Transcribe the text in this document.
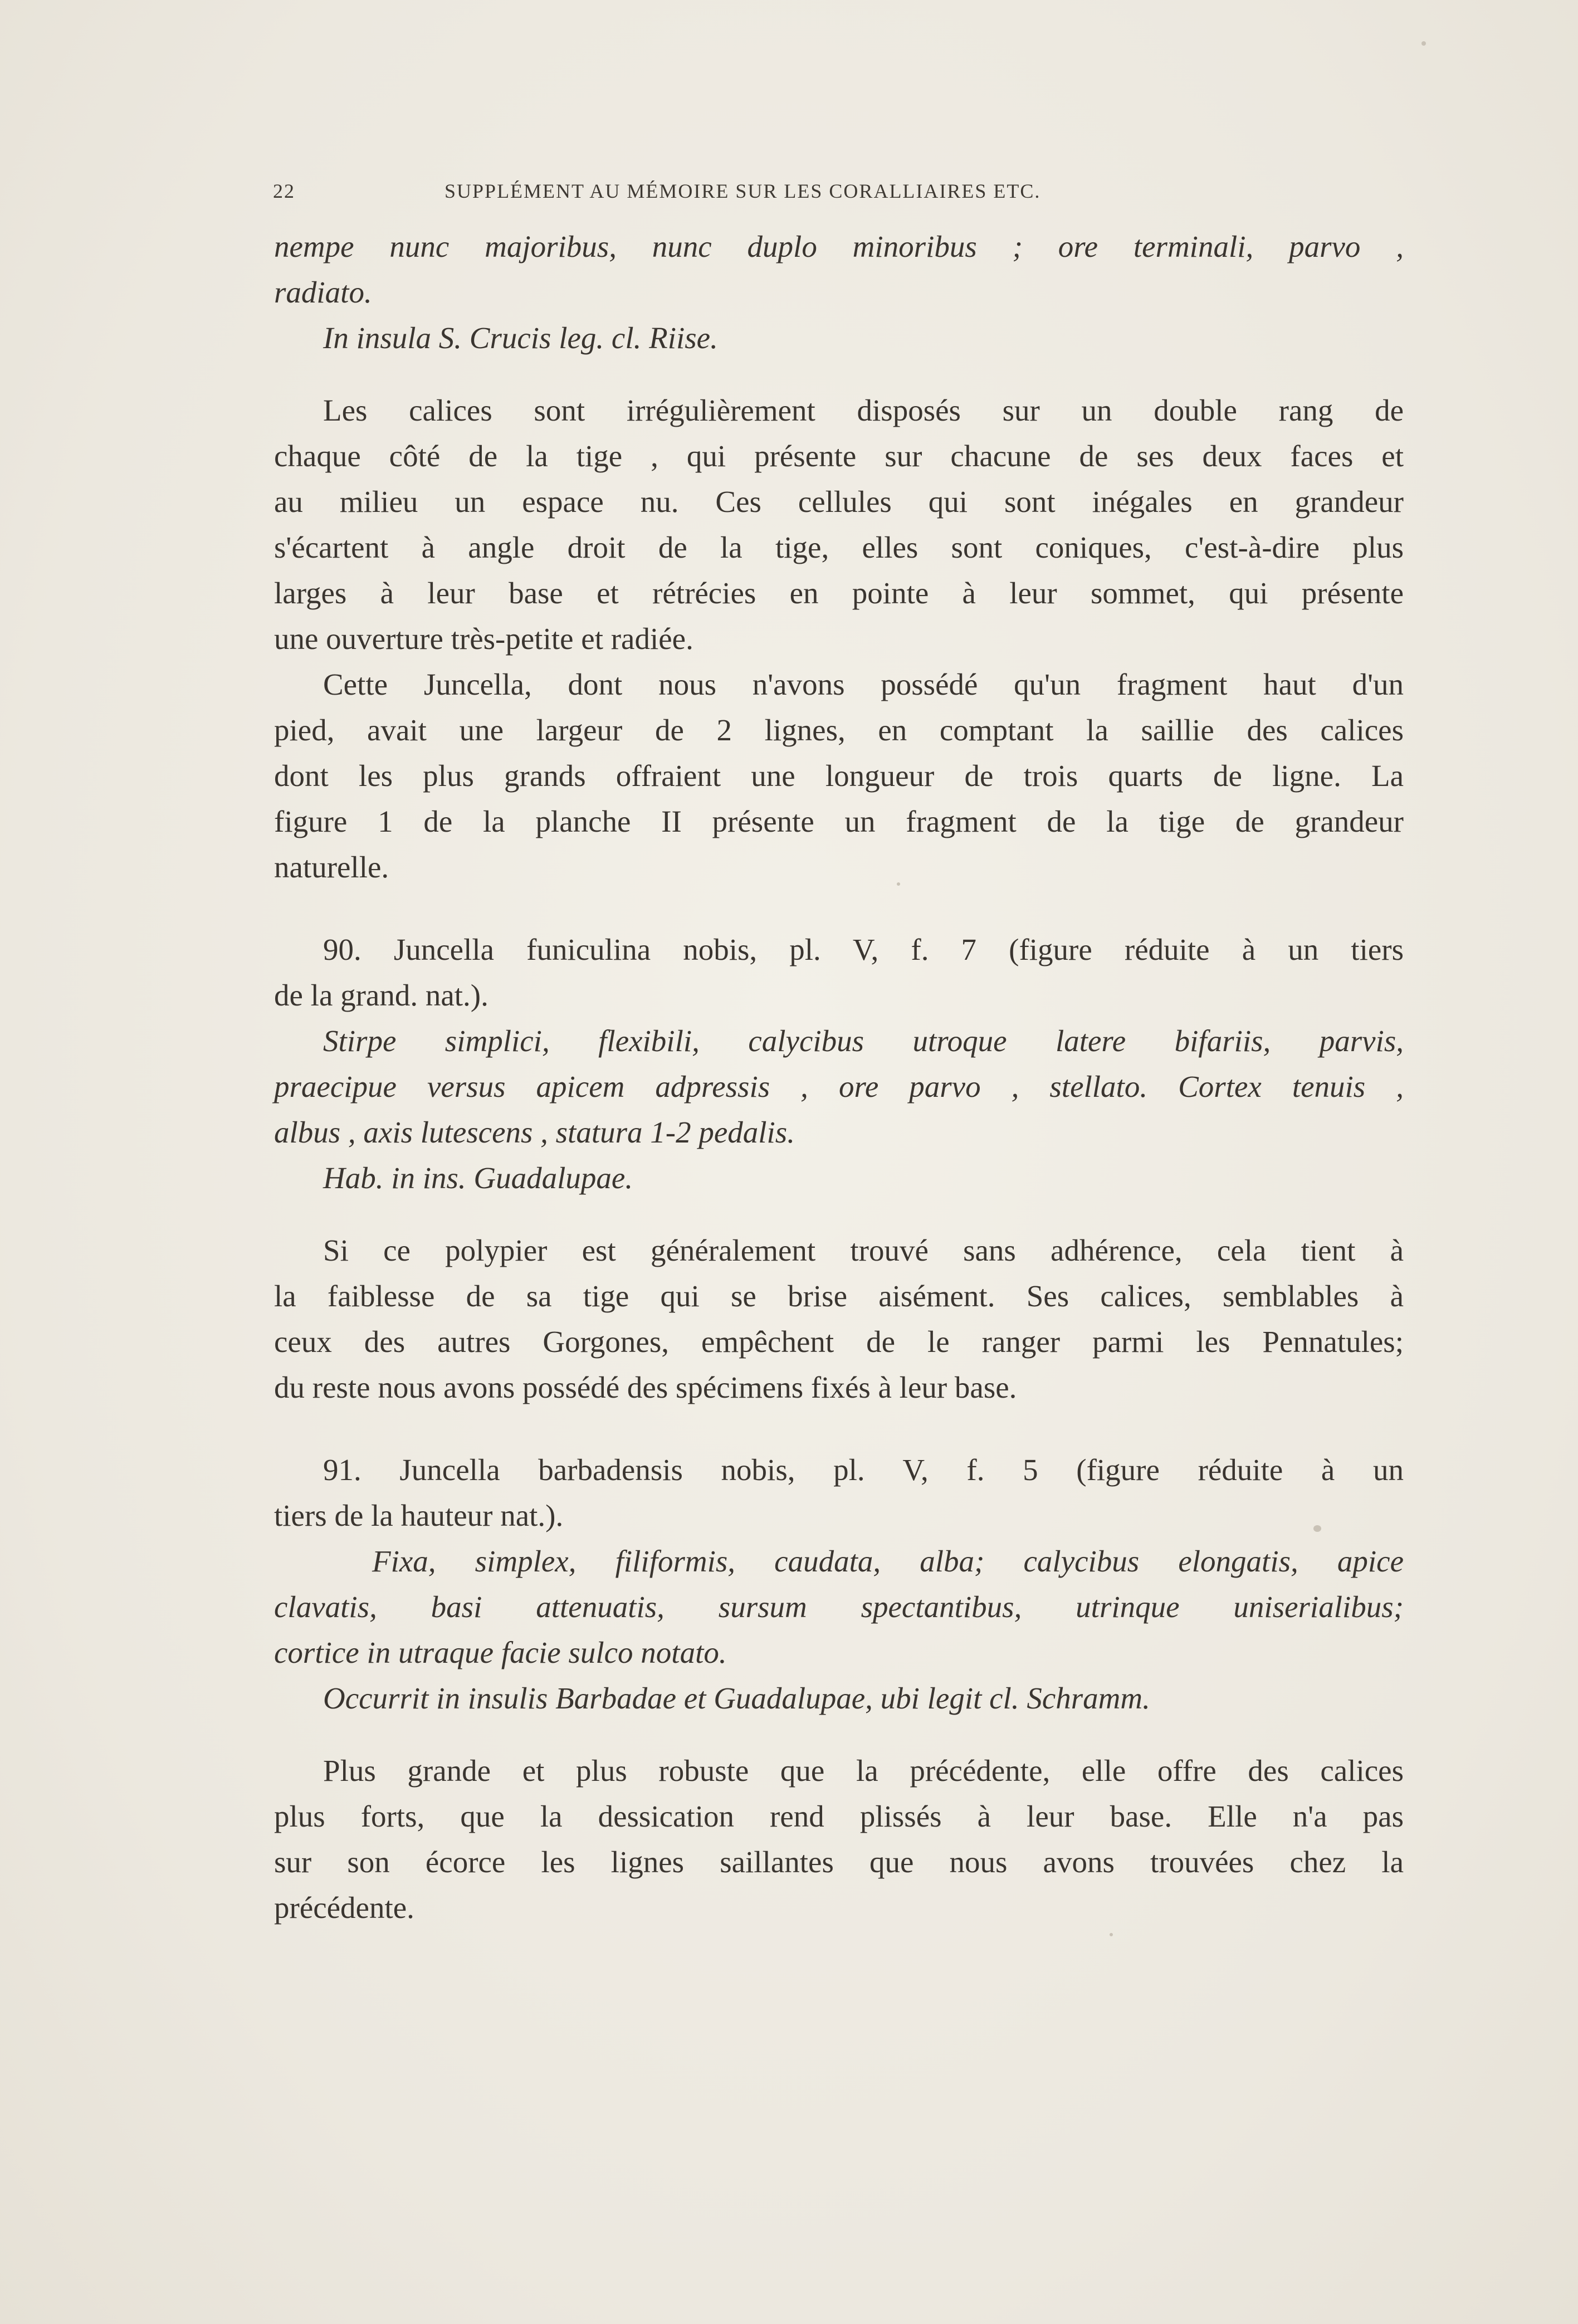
22	SUPPLÉMENT AU MÉMOIRE SUR LES CORALLIAIRES ETC.
nempe nunc majoribus, nunc duplo minoribus ; ore terminali, parvo ,
radiato.
In insula S. Crucis leg. cl. Riise.
Les calices sont irrégulièrement disposés sur un double rang de
chaque côté de la tige , qui présente sur chacune de ses deux faces et
au milieu un espace nu. Ces cellules qui sont inégales en grandeur
s'écartent à angle droit de la tige, elles sont coniques, c'est-à-dire plus
larges à leur base et rétrécies en pointe à leur sommet, qui présente
une ouverture très-petite et radiée.
Cette Juncella, dont nous n'avons possédé qu'un fragment haut d'un
pied, avait une largeur de 2 lignes, en comptant la saillie des calices
dont les plus grands offraient une longueur de trois quarts de ligne. La
figure 1 de la planche II présente un fragment de la tige de grandeur
naturelle.
90. Juncella funiculina nobis, pl. V, f. 7 (figure réduite à un tiers
de la grand. nat.).
Stirpe simplici, flexibili, calycibus utroque latere bifariis, parvis,
praecipue versus apicem adpressis , ore parvo , stellato. Cortex tenuis ,
albus , axis lutescens , statura 1-2 pedalis.
Hab. in ins. Guadalupae.
Si ce polypier est généralement trouvé sans adhérence, cela tient à
la faiblesse de sa tige qui se brise aisément. Ses calices, semblables à
ceux des autres Gorgones, empêchent de le ranger parmi les Pennatules;
du reste nous avons possédé des spécimens fixés à leur base.
91. Juncella barbadensis nobis, pl. V, f. 5 (figure réduite à un
tiers de la hauteur nat.).
Fixa, simplex, filiformis, caudata, alba; calycibus elongatis, apice
clavatis, basi attenuatis, sursum spectantibus, utrinque uniserialibus;
cortice in utraque facie sulco notato.
Occurrit in insulis Barbadae et Guadalupae, ubi legit cl. Schramm.
Plus grande et plus robuste que la précédente, elle offre des calices
plus forts, que la dessication rend plissés à leur base. Elle n'a pas
sur son écorce les lignes saillantes que nous avons trouvées chez la
précédente.
